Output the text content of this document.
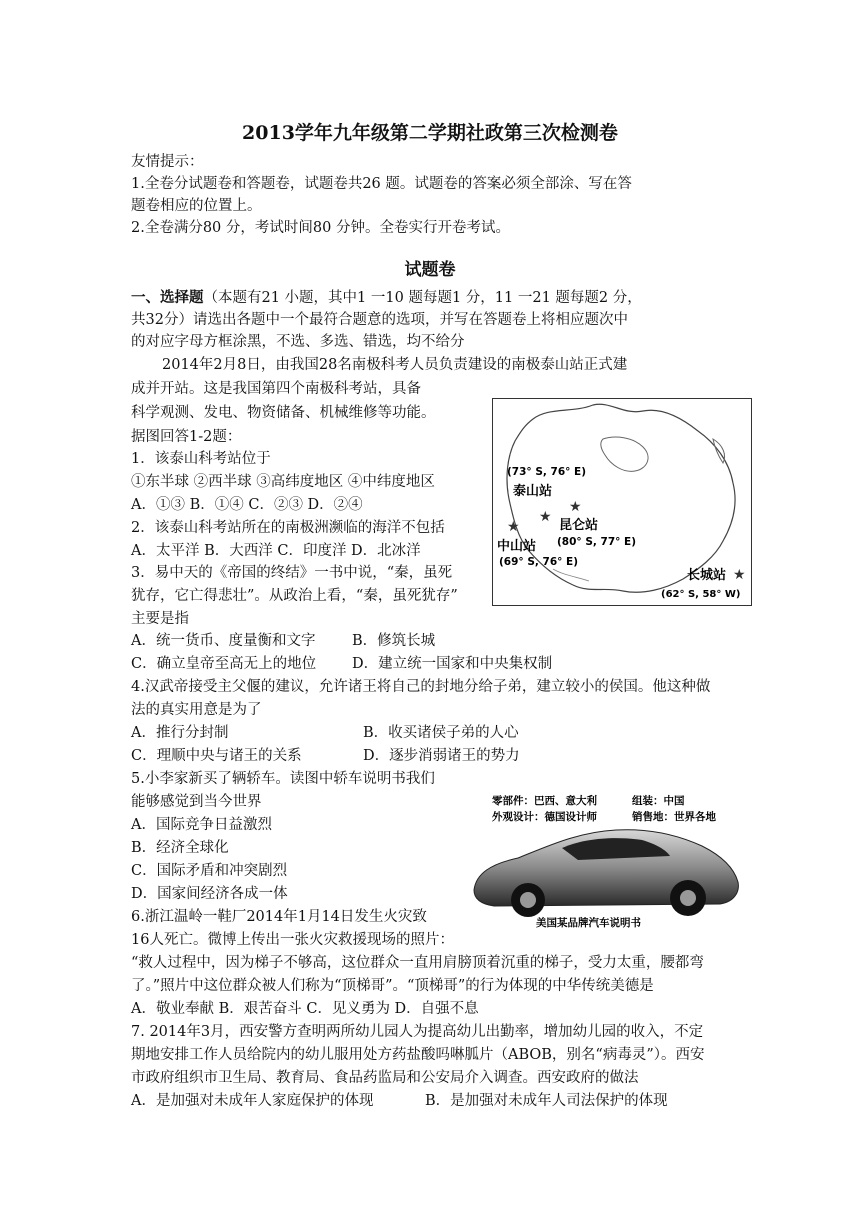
2013学年九年级第二学期社政第三次检测卷
友情提示：
1.全卷分试题卷和答题卷，试题卷共26 题。试题卷的答案必须全部涂、写在答
题卷相应的位置上。
2.全卷满分80 分，考试时间80 分钟。全卷实行开卷考试。
试题卷
一、选择题（本题有21 小题，其中1 一10 题每题1 分，11 一21 题每题2 分，
共32分）请选出各题中一个最符合题意的选项，并写在答题卷上将相应题次中
的对应字母方框涂黑，不选、多选、错选，均不给分
2014年2月8日，由我国28名南极科考人员负责建设的南极泰山站正式建
成并开站。这是我国第四个南极科考站，具备
科学观测、发电、物资储备、机械维修等功能。
据图回答1-2题：
(73° S, 76° E)
泰山站
★
★
昆仑站
(80° S, 77° E)
★
中山站
(69° S, 76° E)
长城站 ★
(62° S, 58° W)
1．该泰山科考站位于
①东半球 ②西半球 ③高纬度地区 ④中纬度地区
A．①③ B．①④ C．②③ D．②④
2．该泰山科考站所在的南极洲濒临的海洋不包括
A．太平洋 B．大西洋 C．印度洋 D．北冰洋
3．易中天的《帝国的终结》一书中说，“秦，虽死
犹存，它亡得悲壮”。从政治上看，“秦，虽死犹存”
主要是指
A．统一货币、度量衡和文字	B．修筑长城
C．确立皇帝至高无上的地位 D．建立统一国家和中央集权制
4.汉武帝接受主父偃的建议，允许诸王将自己的封地分给子弟，建立较小的侯国。他这种做
法的真实用意是为了
A．推行分封制	B．收买诸侯子弟的人心
C．理顺中央与诸王的关系	D．逐步消弱诸王的势力
5.小李家新买了辆轿车。读图中轿车说明书我们
能够感觉到当今世界
A．国际竞争日益激烈
B．经济全球化
C．国际矛盾和冲突剧烈
D．国家间经济各成一体
零部件：巴西、意大利	组装：中国
外观设计：德国设计师	销售地：世界各地
美国某品牌汽车说明书
6.浙江温岭一鞋厂2014年1月14日发生火灾致
16人死亡。微博上传出一张火灾救援现场的照片：
“救人过程中，因为梯子不够高，这位群众一直用肩膀顶着沉重的梯子，受力太重，腰都弯
了。”照片中这位群众被人们称为“顶梯哥”。“顶梯哥”的行为体现的中华传统美德是
A．敬业奉献 B．艰苦奋斗 C．见义勇为 D．自强不息
7. 2014年3月，西安警方查明两所幼儿园人为提高幼儿出勤率，增加幼儿园的收入，不定
期地安排工作人员给院内的幼儿服用处方药盐酸吗啉胍片（ABOB，别名“病毒灵”）。西安
市政府组织市卫生局、教育局、食品药监局和公安局介入调查。西安政府的做法
A．是加强对未成年人家庭保护的体现	B．是加强对未成年人司法保护的体现
